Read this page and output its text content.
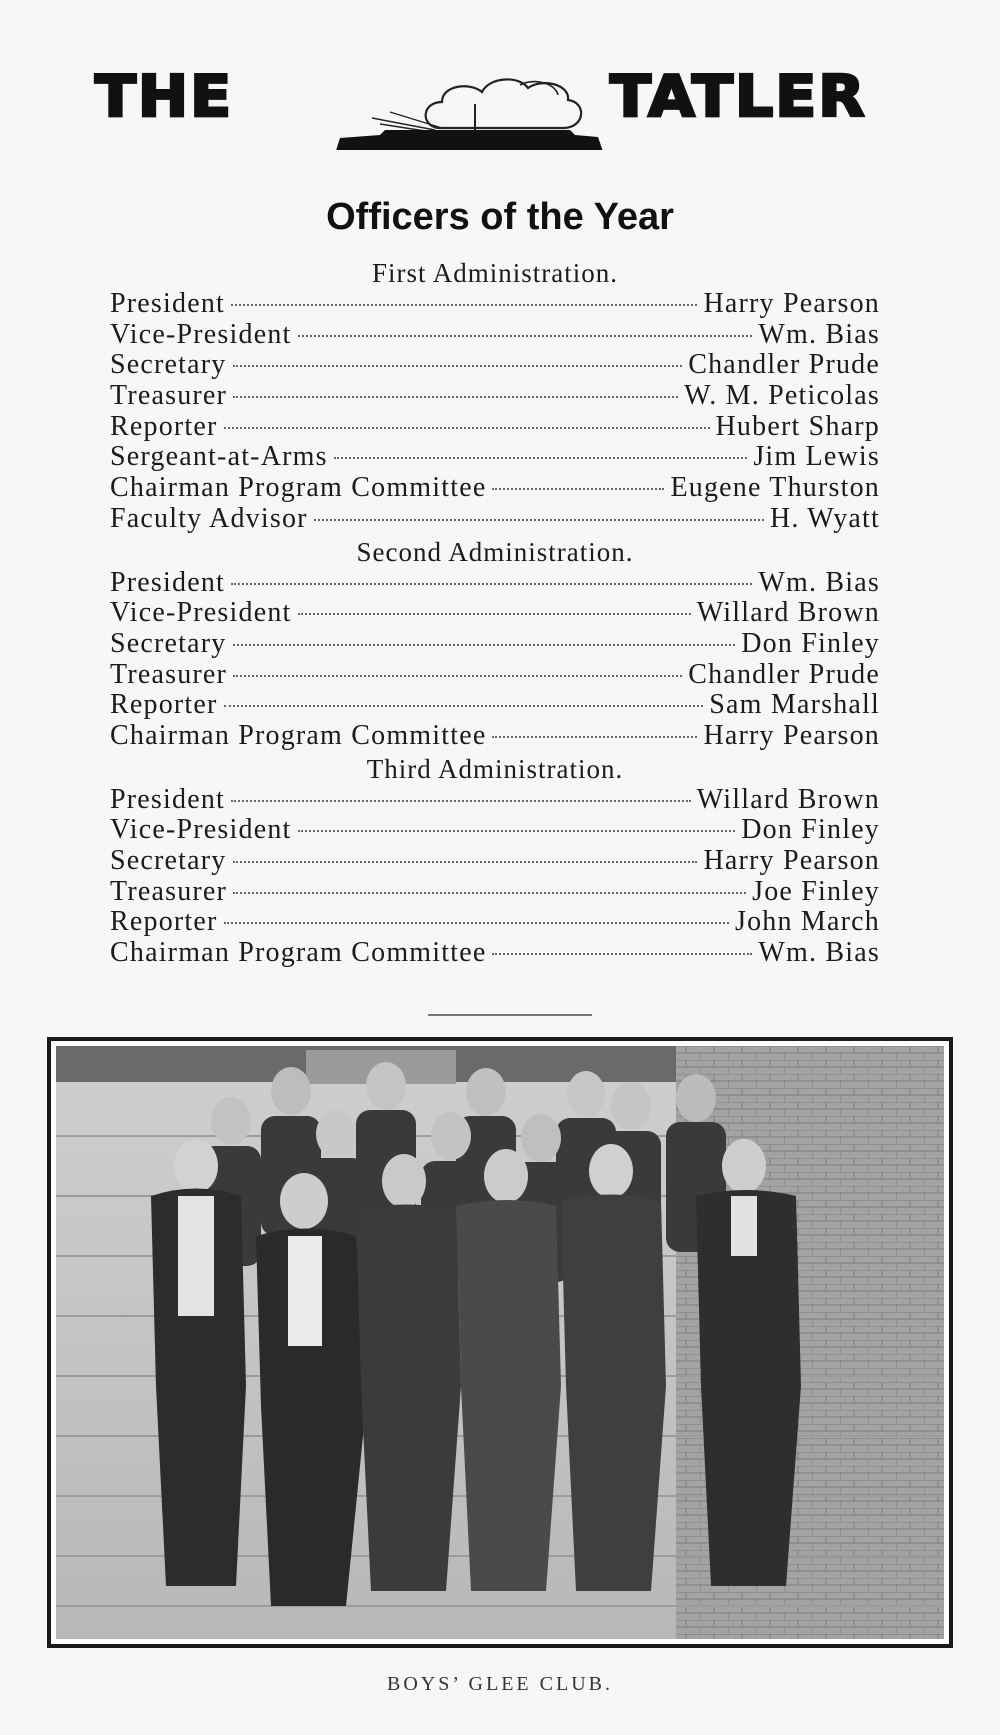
THE	TATLER
Officers of the Year
First Administration.
President	Harry Pearson
Vice-President	Wm. Bias
Secretary	Chandler Prude
Treasurer	W. M. Peticolas
Reporter	Hubert Sharp
Sergeant-at-Arms	Jim Lewis
Chairman Program Committee	Eugene Thurston
Faculty Advisor	H. Wyatt
Second Administration.
President	Wm. Bias
Vice-President	Willard Brown
Secretary	Don Finley
Treasurer	Chandler Prude
Reporter	Sam Marshall
Chairman Program Committee	Harry Pearson
Third Administration.
President	Willard Brown
Vice-President	Don Finley
Secretary	Harry Pearson
Treasurer	Joe Finley
Reporter	John March
Chairman Program Committee	Wm. Bias
BOYS’ GLEE CLUB.
